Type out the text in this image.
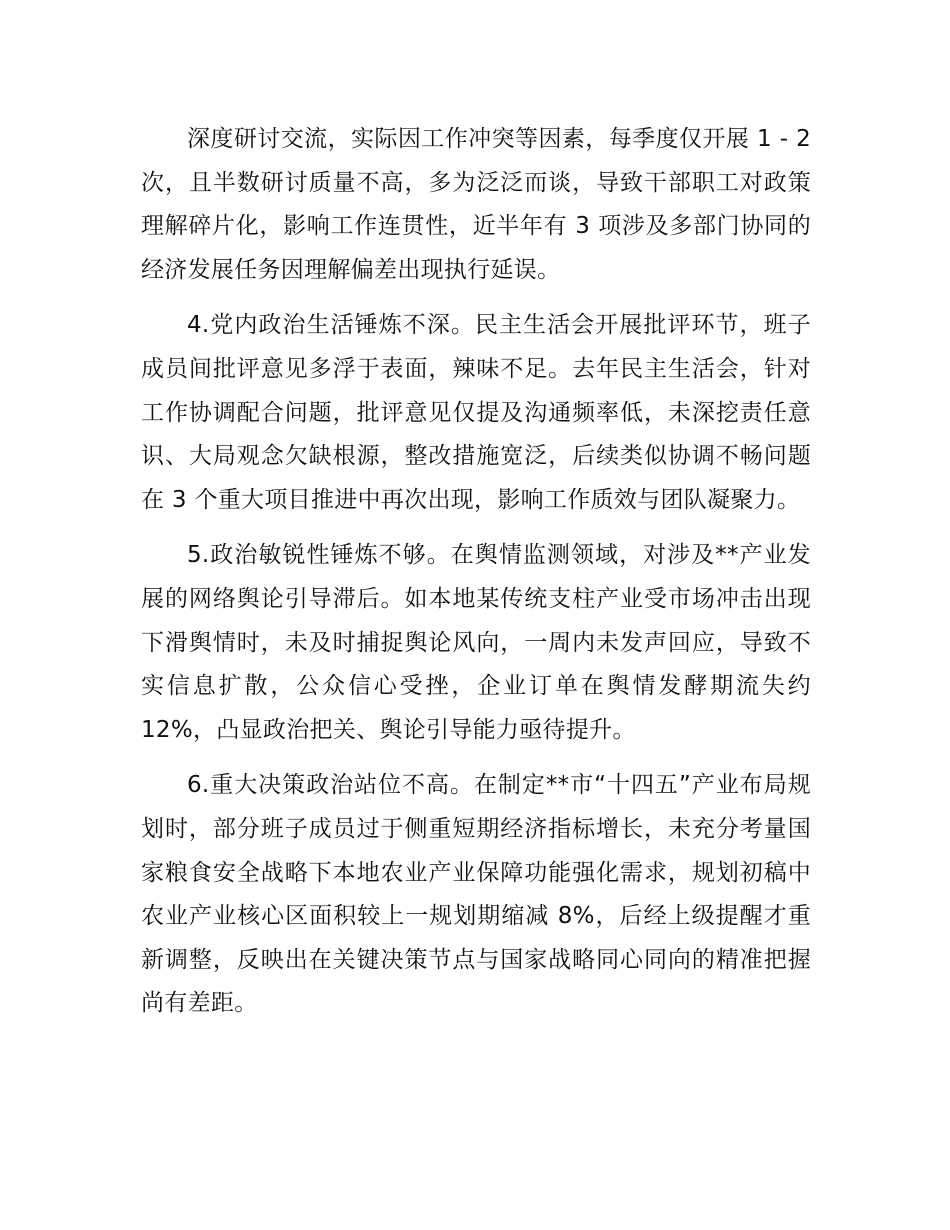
深度研讨交流，实际因工作冲突等因素，每季度仅开展 1 - 2 次，且半数研讨质量不高，多为泛泛而谈，导致干部职工对政策理解碎片化，影响工作连贯性，近半年有 3 项涉及多部门协同的经济发展任务因理解偏差出现执行延误。

4.党内政治生活锤炼不深。民主生活会开展批评环节，班子成员间批评意见多浮于表面，辣味不足。去年民主生活会，针对工作协调配合问题，批评意见仅提及沟通频率低，未深挖责任意识、大局观念欠缺根源，整改措施宽泛，后续类似协调不畅问题在 3 个重大项目推进中再次出现，影响工作质效与团队凝聚力。

5.政治敏锐性锤炼不够。在舆情监测领域，对涉及**产业发展的网络舆论引导滞后。如本地某传统支柱产业受市场冲击出现下滑舆情时，未及时捕捉舆论风向，一周内未发声回应，导致不实信息扩散，公众信心受挫，企业订单在舆情发酵期流失约 12%，凸显政治把关、舆论引导能力亟待提升。

6.重大决策政治站位不高。在制定**市“十四五”产业布局规划时，部分班子成员过于侧重短期经济指标增长，未充分考量国家粮食安全战略下本地农业产业保障功能强化需求，规划初稿中农业产业核心区面积较上一规划期缩减 8%，后经上级提醒才重新调整，反映出在关键决策节点与国家战略同心同向的精准把握尚有差距。
